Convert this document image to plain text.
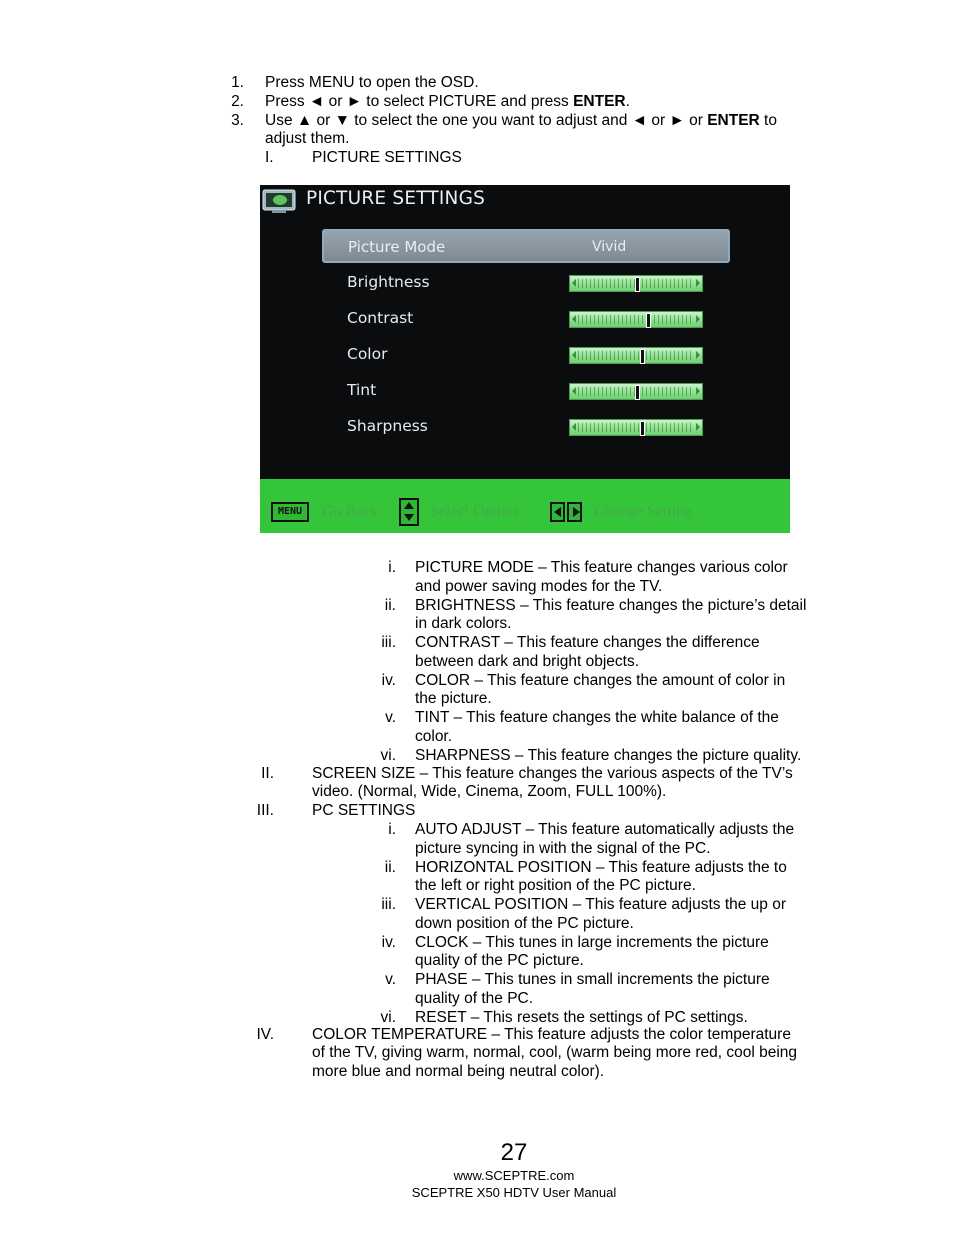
1. Press MENU to open the OSD.
2. Press ◄ or ► to select PICTURE and press ENTER.
3. Use ▲ or ▼ to select the one you want to adjust and ◄ or ► or ENTER to
adjust them.
I. PICTURE SETTINGS
PICTURE SETTINGS
Picture Mode	Vivid
Brightness
Contrast
Color
Tint
Sharpness
MENU	Go Back	Select Option	Change Setting
i. PICTURE MODE – This feature changes various color
and power saving modes for the TV.
ii. BRIGHTNESS – This feature changes the picture’s detail
in dark colors.
iii. CONTRAST – This feature changes the difference
between dark and bright objects.
iv. COLOR – This feature changes the amount of color in
the picture.
v. TINT – This feature changes the white balance of the
color.
vi. SHARPNESS – This feature changes the picture quality.
II. SCREEN SIZE – This feature changes the various aspects of the TV’s
video. (Normal, Wide, Cinema, Zoom, FULL 100%).
III. PC SETTINGS
i. AUTO ADJUST – This feature automatically adjusts the
picture syncing in with the signal of the PC.
ii. HORIZONTAL POSITION – This feature adjusts the to
the left or right position of the PC picture.
iii. VERTICAL POSITION – This feature adjusts the up or
down position of the PC picture.
iv. CLOCK – This tunes in large increments the picture
quality of the PC picture.
v. PHASE – This tunes in small increments the picture
quality of the PC.
vi. RESET – This resets the settings of PC settings.
IV. COLOR TEMPERATURE – This feature adjusts the color temperature
of the TV, giving warm, normal, cool, (warm being more red, cool being
more blue and normal being neutral color).
27
www.SCEPTRE.com
SCEPTRE X50 HDTV User Manual
